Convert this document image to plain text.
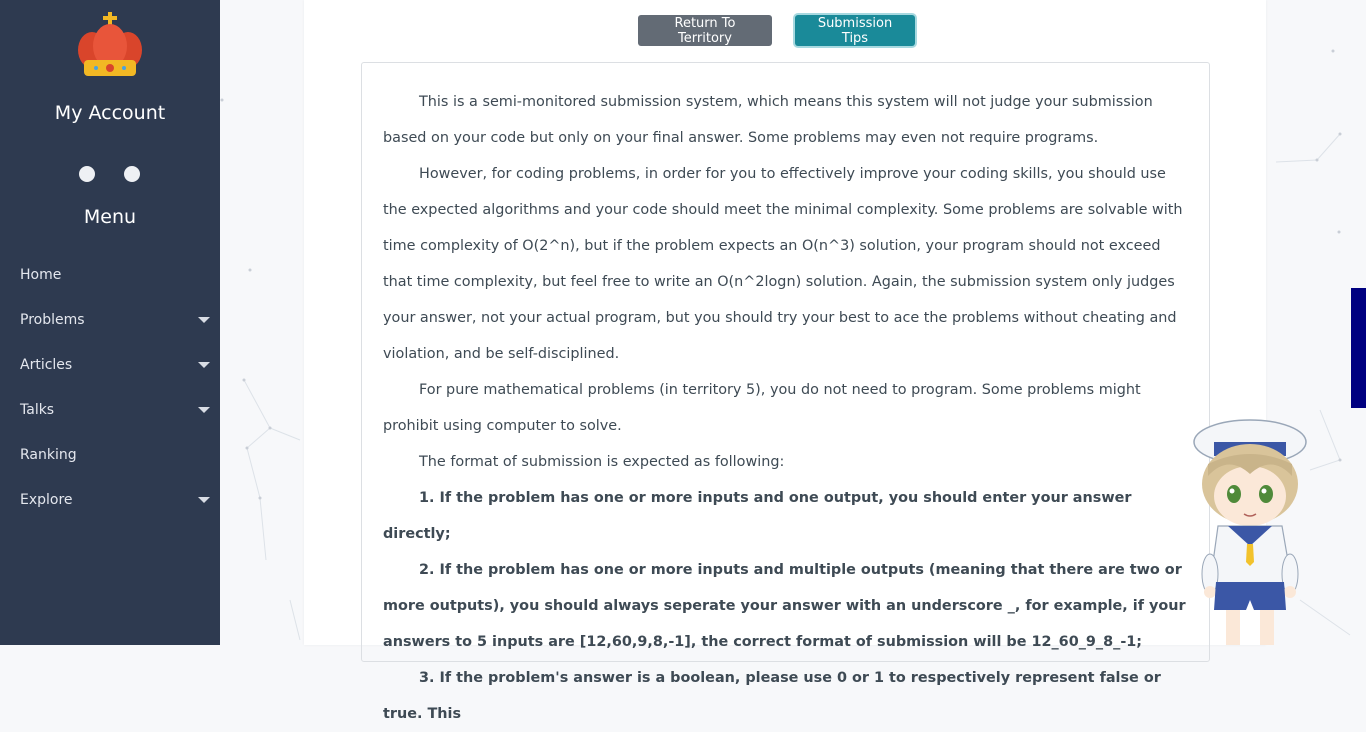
My Account
Menu
Home
Problems
Articles
Talks
Ranking
Explore
Return To Territory
Submission Tips

This is a semi-monitored submission system, which means this system will not judge your submission based on your code but only on your final answer. Some problems may even not require programs.

However, for coding problems, in order for you to effectively improve your coding skills, you should use the expected algorithms and your code should meet the minimal complexity. Some problems are solvable with time complexity of O(2^n), but if the problem expects an O(n^3) solution, your program should not exceed that time complexity, but feel free to write an O(n^2logn) solution. Again, the submission system only judges your answer, not your actual program, but you should try your best to ace the problems without cheating and violation, and be self-disciplined.

For pure mathematical problems (in territory 5), you do not need to program. Some problems might prohibit using computer to solve.

The format of submission is expected as following:

1. If the problem has one or more inputs and one output, you should enter your answer directly;

2. If the problem has one or more inputs and multiple outputs (meaning that there are two or more outputs), you should always seperate your answer with an underscore _, for example, if your answers to 5 inputs are [12,60,9,8,-1], the correct format of submission will be 12_60_9_8_-1;

3. If the problem's answer is a boolean, please use 0 or 1 to respectively represent false or true. This
